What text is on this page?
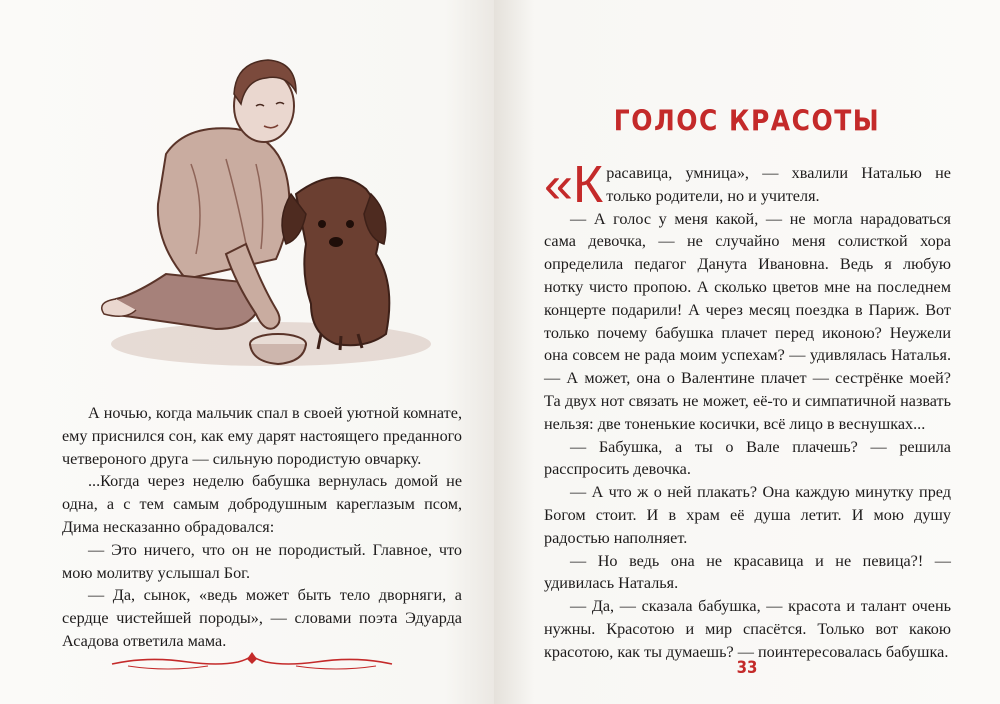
А ночью, когда мальчик спал в своей уютной комнате, ему приснился сон, как ему дарят настоящего преданного четвероного друга — сильную породистую овчарку.

...Когда через неделю бабушка вернулась домой не одна, а с тем самым добродушным кареглазым псом, Дима несказанно обрадовался:

— Это ничего, что он не породистый. Главное, что мою молитву услышал Бог.

— Да, сынок, «ведь может быть тело дворняги, а сердце чистейшей породы», — словами поэта Эдуарда Асадова ответила мама.

ГОЛОС КРАСОТЫ

«К расавица, умница», — хвалили Наталью не только родители, но и учителя.

— А голос у меня какой, — не могла нарадоваться сама девочка, — не случайно меня солисткой хора определила педагог Данута Ивановна. Ведь я любую нотку чисто пропою. А сколько цветов мне на последнем концерте подарили! А через месяц поездка в Париж. Вот только почему бабушка плачет перед иконою? Неужели она совсем не рада моим успехам? — удивлялась Наталья. — А может, она о Валентине плачет — сестрёнке моей? Та двух нот связать не может, её-то и симпатичной назвать нельзя: две тоненькие косички, всё лицо в веснушках...

— Бабушка, а ты о Вале плачешь? — решила расспросить девочка.

— А что ж о ней плакать? Она каждую минутку пред Богом стоит. И в храм её душа летит. И мою душу радостью наполняет.

— Но ведь она не красавица и не певица?! — удивилась Наталья.

— Да, — сказала бабушка, — красота и талант очень нужны. Красотою и мир спасётся. Только вот какою красотою, как ты думаешь? — поинтересовалась бабушка.

33
